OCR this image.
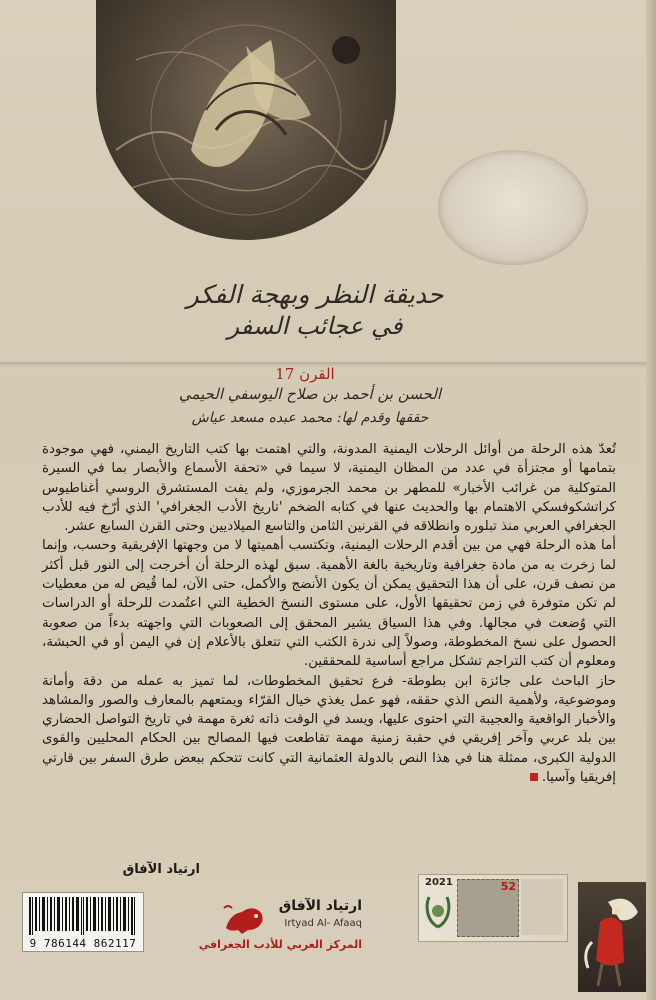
حديقة النظر وبهجة الفكر
في عجائب السفر
القرن 17
الحسن بن أحمد بن صلاح اليوسفي الحيمي
حققها وقدم لها: محمد عبده مسعد عياش

تُعدّ هذه الرحلة من أوائل الرحلات اليمنية المدونة، والتي اهتمت بها كتب التاريخ اليمني، فهي موجودة بتمامها أو مجتزأة في عدد من المظان اليمنية، لا سيما في «تحفة الأسماع والأبصار بما في السيرة المتوكلية من غرائب الأخبار» للمطهر بن محمد الجرموزي، ولم يفت المستشرق الروسي أغناطيوس كراتشكوفسكي الاهتمام بها والحديث عنها في كتابه الضخم 'تاريخ الأدب الجغرافي' الذي أرّخ فيه للأدب الجغرافي العربي منذ تبلوره وانطلاقه في القرنين الثامن والتاسع الميلاديين وحتى القرن السابع عشر.

أما هذه الرحلة فهي من بين أقدم الرحلات اليمنية، وتكتسب أهميتها لا من وجهتها الإفريقية وحسب، وإنما لما زخرت به من مادة جغرافية وتاريخية بالغة الأهمية. سبق لهذه الرحلة أن أخرجت إلى النور قبل أكثر من نصف قرن، على أن هذا التحقيق يمكن أن يكون الأنضج والأكمل، حتى الآن، لما قُيض له من معطيات لم تكن متوفرة في زمن تحقيقها الأول، على مستوى النسخ الخطية التي اعتُمدت للرحلة أو الدراسات التي وُضعت في مجالها. وفي هذا السياق يشير المحقق إلى الصعوبات التي واجهته بدءاً من صعوبة الحصول على نسخ المخطوطة، وصولاً إلى ندرة الكتب التي تتعلق بالأعلام إن في اليمن أو في الحبشة، ومعلوم أن كتب التراجم تشكل مراجع أساسية للمحققين.

حاز الباحث على جائزة ابن بطوطة- فرع تحقيق المخطوطات، لما تميز به عمله من دقة وأمانة وموضوعية، ولأهمية النص الذي حققه، فهو عمل يغذي خيال القرّاء ويمتعهم بالمعارف والصور والمشاهد والأخبار الواقعية والعجيبة التي احتوى عليها، ويسد في الوقت ذاته ثغرة مهمة في تاريخ التواصل الحضاري بين بلد عربي وآخر إفريقي في حقبة زمنية مهمة تقاطعت فيها المصالح بين الحكام المحليين والقوى الدولية الكبرى، ممثلة هنا في هذا النص بالدولة العثمانية التي كانت تتحكم ببعض طرق السفر بين قارتي إفريقيا وآسيا.

ارتياد الآفاق
9 786144 862117
ارتياد الآفاق
Irtyad Al- Afaaq
المركز العربي للأدب الجغرافي
2021	52
